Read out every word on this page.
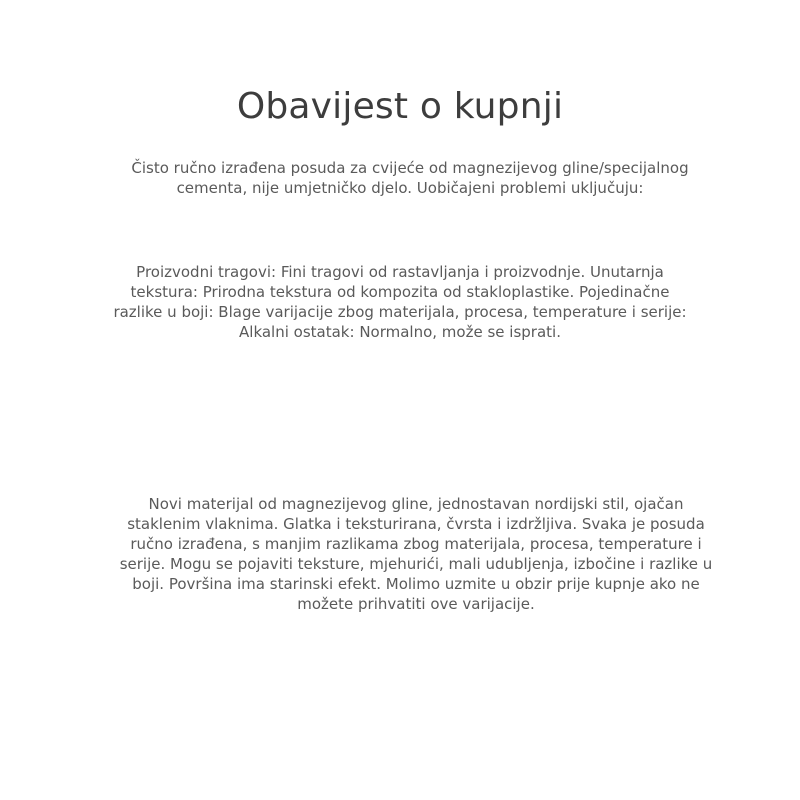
Obavijest o kupnji

Čisto ručno izrađena posuda za cvijeće od magnezijevog gline/specijalnog cementa, nije umjetničko djelo. Uobičajeni problemi uključuju:

Proizvodni tragovi: Fini tragovi od rastavljanja i proizvodnje. Unutarnja tekstura: Prirodna tekstura od kompozita od stakloplastike. Pojedinačne razlike u boji: Blage varijacije zbog materijala, procesa, temperature i serije: Alkalni ostatak: Normalno, može se isprati.

Novi materijal od magnezijevog gline, jednostavan nordijski stil, ojačan staklenim vlaknima. Glatka i teksturirana, čvrsta i izdržljiva. Svaka je posuda ručno izrađena, s manjim razlikama zbog materijala, procesa, temperature i serije. Mogu se pojaviti teksture, mjehurići, mali udubljenja, izbočine i razlike u boji. Površina ima starinski efekt. Molimo uzmite u obzir prije kupnje ako ne možete prihvatiti ove varijacije.
